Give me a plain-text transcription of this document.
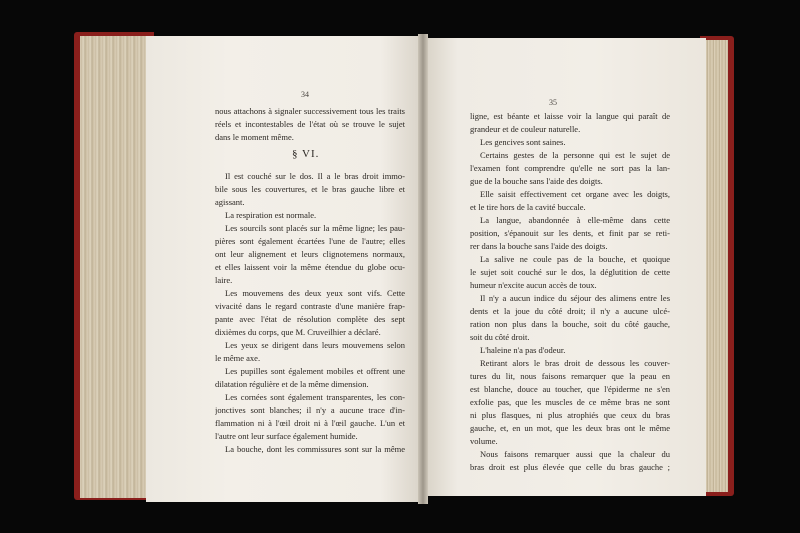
34
nous attachons à signaler successivement tous les traits
réels et incontestables de l'état où se trouve le sujet
dans le moment même.
§ VI.
Il est couché sur le dos. Il a le bras droit immo-
bile sous les couvertures, et le bras gauche libre et
agissant.
La respiration est normale.
Les sourcils sont placés sur la même ligne; les pau-
pières sont également écartées l'une de l'autre; elles
ont leur alignement et leurs clignotemens normaux,
et elles laissent voir la même étendue du globe ocu-
laire.
Les mouvemens des deux yeux sont vifs. Cette
vivacité dans le regard contraste d'une manière frap-
pante avec l'état de résolution complète des sept
dixièmes du corps, que M. Cruveilhier a déclaré.
Les yeux se dirigent dans leurs mouvemens selon
le même axe.
Les pupilles sont également mobiles et offrent une
dilatation régulière et de la même dimension.
Les cornées sont également transparentes, les con-
jonctives sont blanches; il n'y a aucune trace d'in-
flammation ni à l'œil droit ni à l'œil gauche. L'un et
l'autre ont leur surface également humide.
La bouche, dont les commissures sont sur la même
35
ligne, est béante et laisse voir la langue qui paraît de
grandeur et de couleur naturelle.
Les gencives sont saines.
Certains gestes de la personne qui est le sujet de
l'examen font comprendre qu'elle ne sort pas la lan-
gue de la bouche sans l'aide des doigts.
Elle saisit effectivement cet organe avec les doigts,
et le tire hors de la cavité buccale.
La langue, abandonnée à elle-même dans cette
position, s'épanouit sur les dents, et finit par se reti-
rer dans la bouche sans l'aide des doigts.
La salive ne coule pas de la bouche, et quoique
le sujet soit couché sur le dos, la déglutition de cette
humeur n'excite aucun accès de toux.
Il n'y a aucun indice du séjour des alimens entre les
dents et la joue du côté droit; il n'y a aucune ulcé-
ration non plus dans la bouche, soit du côté gauche,
soit du côté droit.
L'haleine n'a pas d'odeur.
Retirant alors le bras droit de dessous les couver-
tures du lit, nous faisons remarquer que la peau en
est blanche, douce au toucher, que l'épiderme ne s'en
exfolie pas, que les muscles de ce même bras ne sont
ni plus flasques, ni plus atrophiés que ceux du bras
gauche, et, en un mot, que les deux bras ont le même
volume.
Nous faisons remarquer aussi que la chaleur du
bras droit est plus élevée que celle du bras gauche ;
